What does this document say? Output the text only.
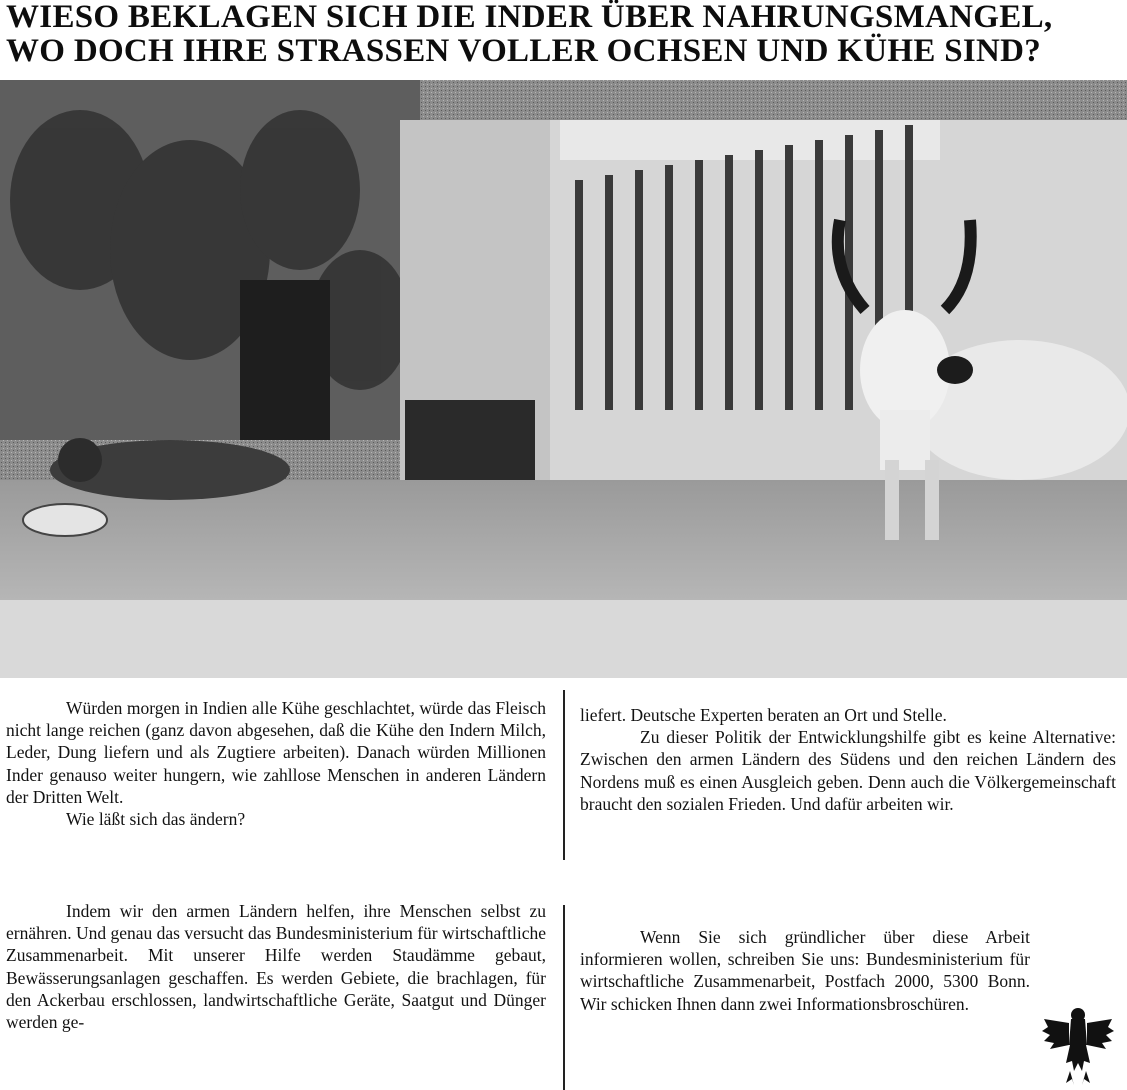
WIESO BEKLAGEN SICH DIE INDER ÜBER NAHRUNGSMANGEL,
WO DOCH IHRE STRASSEN VOLLER OCHSEN UND KÜHE SIND?

Würden morgen in Indien alle Kühe geschlachtet, würde das Fleisch nicht lange reichen (ganz davon abgesehen, daß die Kühe den Indern Milch, Leder, Dung liefern und als Zugtiere arbeiten). Danach würden Millionen Inder genauso weiter hungern, wie zahllose Menschen in anderen Ländern der Dritten Welt.

Wie läßt sich das ändern?

Indem wir den armen Ländern helfen, ihre Menschen selbst zu ernähren. Und genau das versucht das Bundesministerium für wirtschaftliche Zusammenarbeit. Mit unserer Hilfe werden Staudämme gebaut, Bewässerungsanlagen geschaffen. Es werden Gebiete, die brachlagen, für den Ackerbau erschlossen, landwirtschaftliche Geräte, Saatgut und Dünger werden ge-

liefert. Deutsche Experten beraten an Ort und Stelle.

Zu dieser Politik der Entwicklungshilfe gibt es keine Alternative: Zwischen den armen Ländern des Südens und den reichen Ländern des Nordens muß es einen Ausgleich geben. Denn auch die Völkergemeinschaft braucht den sozialen Frieden. Und dafür arbeiten wir.

Wenn Sie sich gründlicher über diese Arbeit informieren wollen, schreiben Sie uns: Bundesministerium für wirtschaftliche Zusammenarbeit, Postfach 2000, 5300 Bonn. Wir schicken Ihnen dann zwei Informationsbroschüren.
